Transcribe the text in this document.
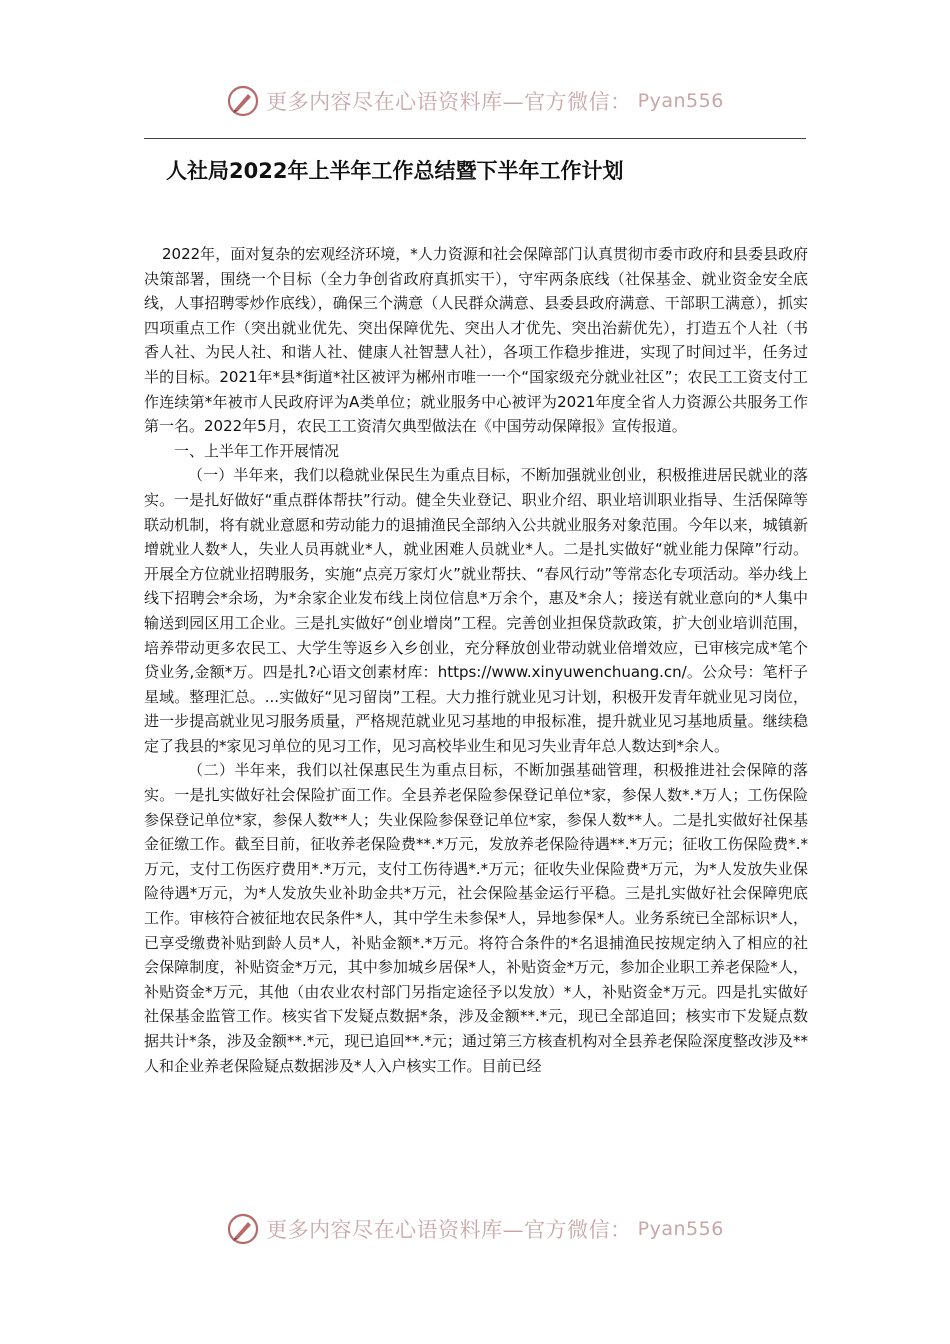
更多内容尽在心语资料库—官方微信： Pyan556
人社局2022年上半年工作总结暨下半年工作计划

2022年，面对复杂的宏观经济环境，*人力资源和社会保障部门认真贯彻市委市政府和县委县政府决策部署，围绕一个目标（全力争创省政府真抓实干），守牢两条底线（社保基金、就业资金安全底线，人事招聘零炒作底线），确保三个满意（人民群众满意、县委县政府满意、干部职工满意），抓实四项重点工作（突出就业优先、突出保障优先、突出人才优先、突出治薪优先），打造五个人社（书香人社、为民人社、和谐人社、健康人社智慧人社），各项工作稳步推进，实现了时间过半，任务过半的目标。2021年*县*街道*社区被评为郴州市唯一一个“国家级充分就业社区”；农民工工资支付工作连续第*年被市人民政府评为A类单位；就业服务中心被评为2021年度全省人力资源公共服务工作第一名。2022年5月，农民工工资清欠典型做法在《中国劳动保障报》宣传报道。

一、上半年工作开展情况

（一）半年来，我们以稳就业保民生为重点目标，不断加强就业创业，积极推进居民就业的落实。一是扎好做好“重点群体帮扶”行动。健全失业登记、职业介绍、职业培训职业指导、生活保障等联动机制，将有就业意愿和劳动能力的退捕渔民全部纳入公共就业服务对象范围。今年以来，城镇新增就业人数*人，失业人员再就业*人，就业困难人员就业*人。二是扎实做好“就业能力保障”行动。开展全方位就业招聘服务，实施“点亮万家灯火”就业帮扶、“春风行动”等常态化专项活动。举办线上线下招聘会*余场，为*余家企业发布线上岗位信息*万余个，惠及*余人；接送有就业意向的*人集中输送到园区用工企业。三是扎实做好“创业增岗”工程。完善创业担保贷款政策，扩大创业培训范围，培养带动更多农民工、大学生等返乡入乡创业，充分释放创业带动就业倍增效应，已审核完成*笔个贷业务,金额*万。四是扎?心语文创素材库：https://www.xinyuwenchuang.cn/。公众号：笔杆子星域。整理汇总。...实做好“见习留岗”工程。大力推行就业见习计划，积极开发青年就业见习岗位，进一步提高就业见习服务质量，严格规范就业见习基地的申报标准，提升就业见习基地质量。继续稳定了我县的*家见习单位的见习工作，见习高校毕业生和见习失业青年总人数达到*余人。

（二）半年来，我们以社保惠民生为重点目标，不断加强基础管理，积极推进社会保障的落实。一是扎实做好社会保险扩面工作。全县养老保险参保登记单位*家，参保人数*.*万人；工伤保险参保登记单位*家，参保人数**人；失业保险参保登记单位*家，参保人数**人。二是扎实做好社保基金征缴工作。截至目前，征收养老保险费**.*万元，发放养老保险待遇**.*万元；征收工伤保险费*.*万元，支付工伤医疗费用*.*万元，支付工伤待遇*.*万元；征收失业保险费*万元，为*人发放失业保险待遇*万元，为*人发放失业补助金共*万元，社会保险基金运行平稳。三是扎实做好社会保障兜底工作。审核符合被征地农民条件*人，其中学生未参保*人，异地参保*人。业务系统已全部标识*人，已享受缴费补贴到龄人员*人，补贴金额*.*万元。将符合条件的*名退捕渔民按规定纳入了相应的社会保障制度，补贴资金*万元，其中参加城乡居保*人，补贴资金*万元，参加企业职工养老保险*人，补贴资金*万元，其他（由农业农村部门另指定途径予以发放）*人，补贴资金*万元。四是扎实做好社保基金监管工作。核实省下发疑点数据*条，涉及金额**.*元，现已全部追回；核实市下发疑点数据共计*条，涉及金额**.*元，现已追回**.*元；通过第三方核查机构对全县养老保险深度整改涉及**人和企业养老保险疑点数据涉及*人入户核实工作。目前已经

更多内容尽在心语资料库—官方微信： Pyan556
